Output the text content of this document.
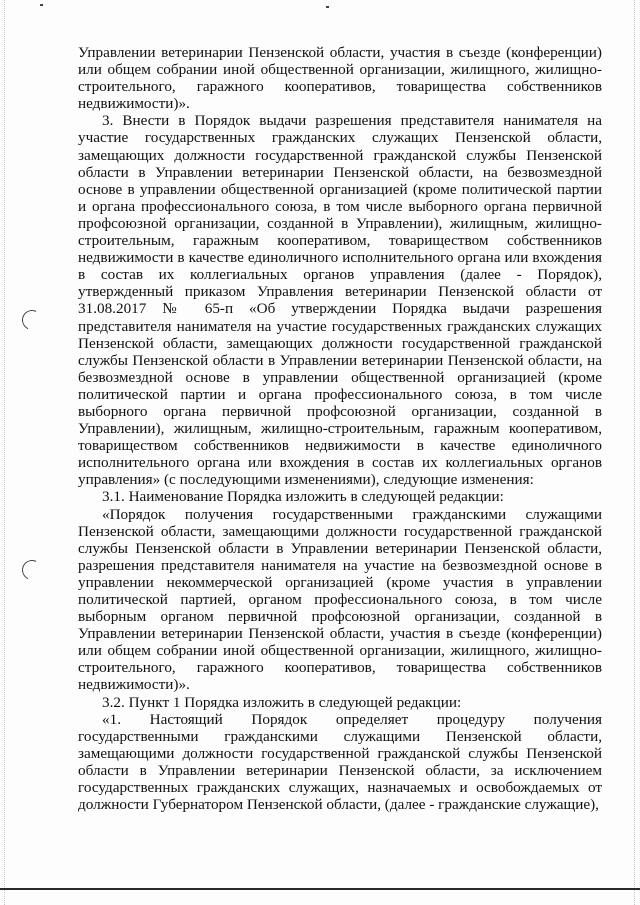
Управлении ветеринарии Пензенской области, участия в съезде (конференции) или общем собрании иной общественной организации, жилищного, жилищно-строительного, гаражного кооперативов, товарищества собственников недвижимости)».

3. Внести в Порядок выдачи разрешения представителя нанимателя на участие государственных гражданских служащих Пензенской области, замещающих должности государственной гражданской службы Пензенской области в Управлении ветеринарии Пензенской области, на безвозмездной основе в управлении общественной организацией (кроме политической партии и органа профессионального союза, в том числе выборного органа первичной профсоюзной организации, созданной в Управлении), жилищным, жилищно-строительным, гаражным кооперативом, товариществом собственников недвижимости в качестве единоличного исполнительного органа или вхождения в состав их коллегиальных органов управления (далее - Порядок), утвержденный приказом Управления ветеринарии Пензенской области от 31.08.2017 № 65-п «Об утверждении Порядка выдачи разрешения представителя нанимателя на участие государственных гражданских служащих Пензенской области, замещающих должности государственной гражданской службы Пензенской области в Управлении ветеринарии Пензенской области, на безвозмездной основе в управлении общественной организацией (кроме политической партии и органа профессионального союза, в том числе выборного органа первичной профсоюзной организации, созданной в Управлении), жилищным, жилищно-строительным, гаражным кооперативом, товариществом собственников недвижимости в качестве единоличного исполнительного органа или вхождения в состав их коллегиальных органов управления» (с последующими изменениями), следующие изменения:

3.1. Наименование Порядка изложить в следующей редакции:

«Порядок получения государственными гражданскими служащими Пензенской области, замещающими должности государственной гражданской службы Пензенской области в Управлении ветеринарии Пензенской области, разрешения представителя нанимателя на участие на безвозмездной основе в управлении некоммерческой организацией (кроме участия в управлении политической партией, органом профессионального союза, в том числе выборным органом первичной профсоюзной организации, созданной в Управлении ветеринарии Пензенской области, участия в съезде (конференции) или общем собрании иной общественной организации, жилищного, жилищно-строительного, гаражного кооперативов, товарищества собственников недвижимости)».

3.2. Пункт 1 Порядка изложить в следующей редакции:

«1. Настоящий Порядок определяет процедуру получения государственными гражданскими служащими Пензенской области, замещающими должности государственной гражданской службы Пензенской области в Управлении ветеринарии Пензенской области, за исключением государственных гражданских служащих, назначаемых и освобождаемых от должности Губернатором Пензенской области, (далее - гражданские служащие),
